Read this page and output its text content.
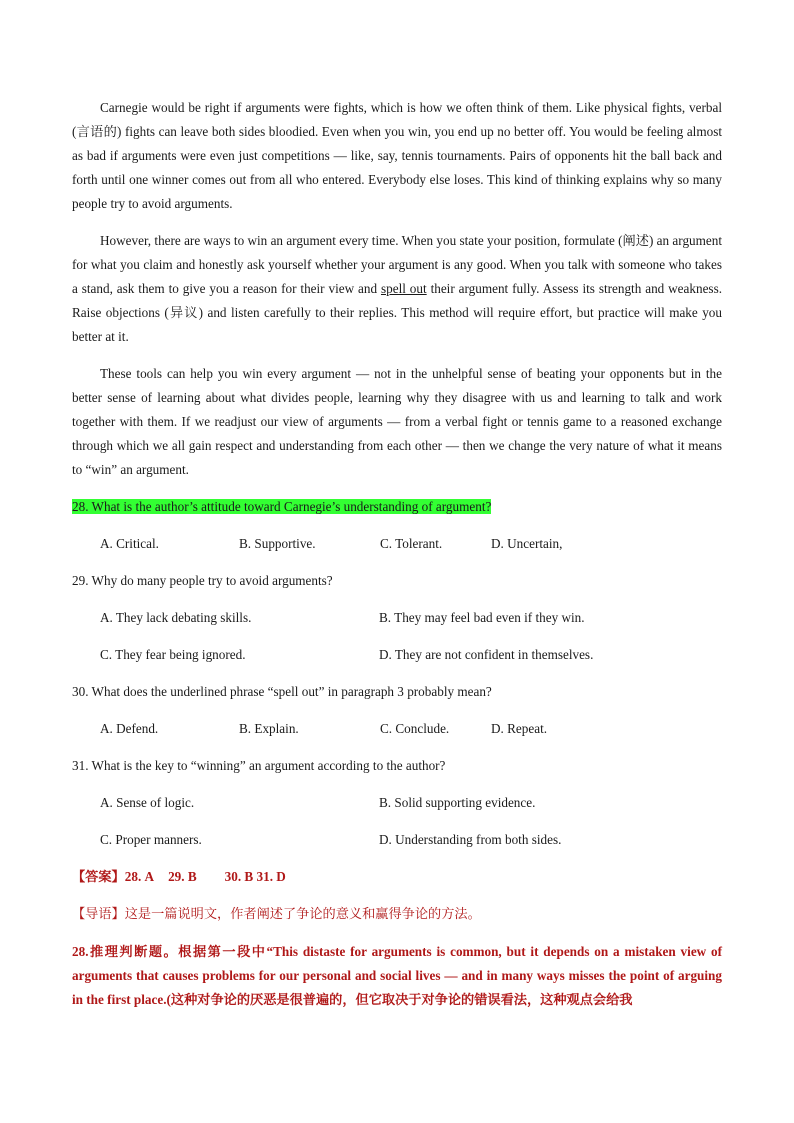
Carnegie would be right if arguments were fights, which is how we often think of them. Like physical fights, verbal (言语的) fights can leave both sides bloodied. Even when you win, you end up no better off. You would be feeling almost as bad if arguments were even just competitions — like, say, tennis tournaments. Pairs of opponents hit the ball back and forth until one winner comes out from all who entered. Everybody else loses. This kind of thinking explains why so many people try to avoid arguments.

However, there are ways to win an argument every time. When you state your position, formulate (阐述) an argument for what you claim and honestly ask yourself whether your argument is any good. When you talk with someone who takes a stand, ask them to give you a reason for their view and spell out their argument fully. Assess its strength and weakness. Raise objections (异议) and listen carefully to their replies. This method will require effort, but practice will make you better at it.

These tools can help you win every argument — not in the unhelpful sense of beating your opponents but in the better sense of learning about what divides people, learning why they disagree with us and learning to talk and work together with them. If we readjust our view of arguments — from a verbal fight or tennis game to a reasoned exchange through which we all gain respect and understanding from each other — then we change the very nature of what it means to “win” an argument.

28. What is the author’s attitude toward Carnegie’s understanding of argument?
A. Critical.	B. Supportive.	C. Tolerant.	D. Uncertain,
29. Why do many people try to avoid arguments?
A. They lack debating skills.	B. They may feel bad even if they win.
C. They fear being ignored.	D. They are not confident in themselves.
30. What does the underlined phrase “spell out” in paragraph 3 probably mean?
A. Defend.	B. Explain.	C. Conclude.	D. Repeat.
31. What is the key to “winning” an argument according to the author?
A. Sense of logic.	B. Solid supporting evidence.
C. Proper manners.	D. Understanding from both sides.
【答案】28. A 29. B 30. B 31. D
【导语】这是一篇说明文，作者阐述了争论的意义和赢得争论的方法。

28.推理判断题。根据第一段中“This distaste for arguments is common, but it depends on a mistaken view of arguments that causes problems for our personal and social lives — and in many ways misses the point of arguing in the first place.(这种对争论的厌恶是很普遍的，但它取决于对争论的错误看法，这种观点会给我
